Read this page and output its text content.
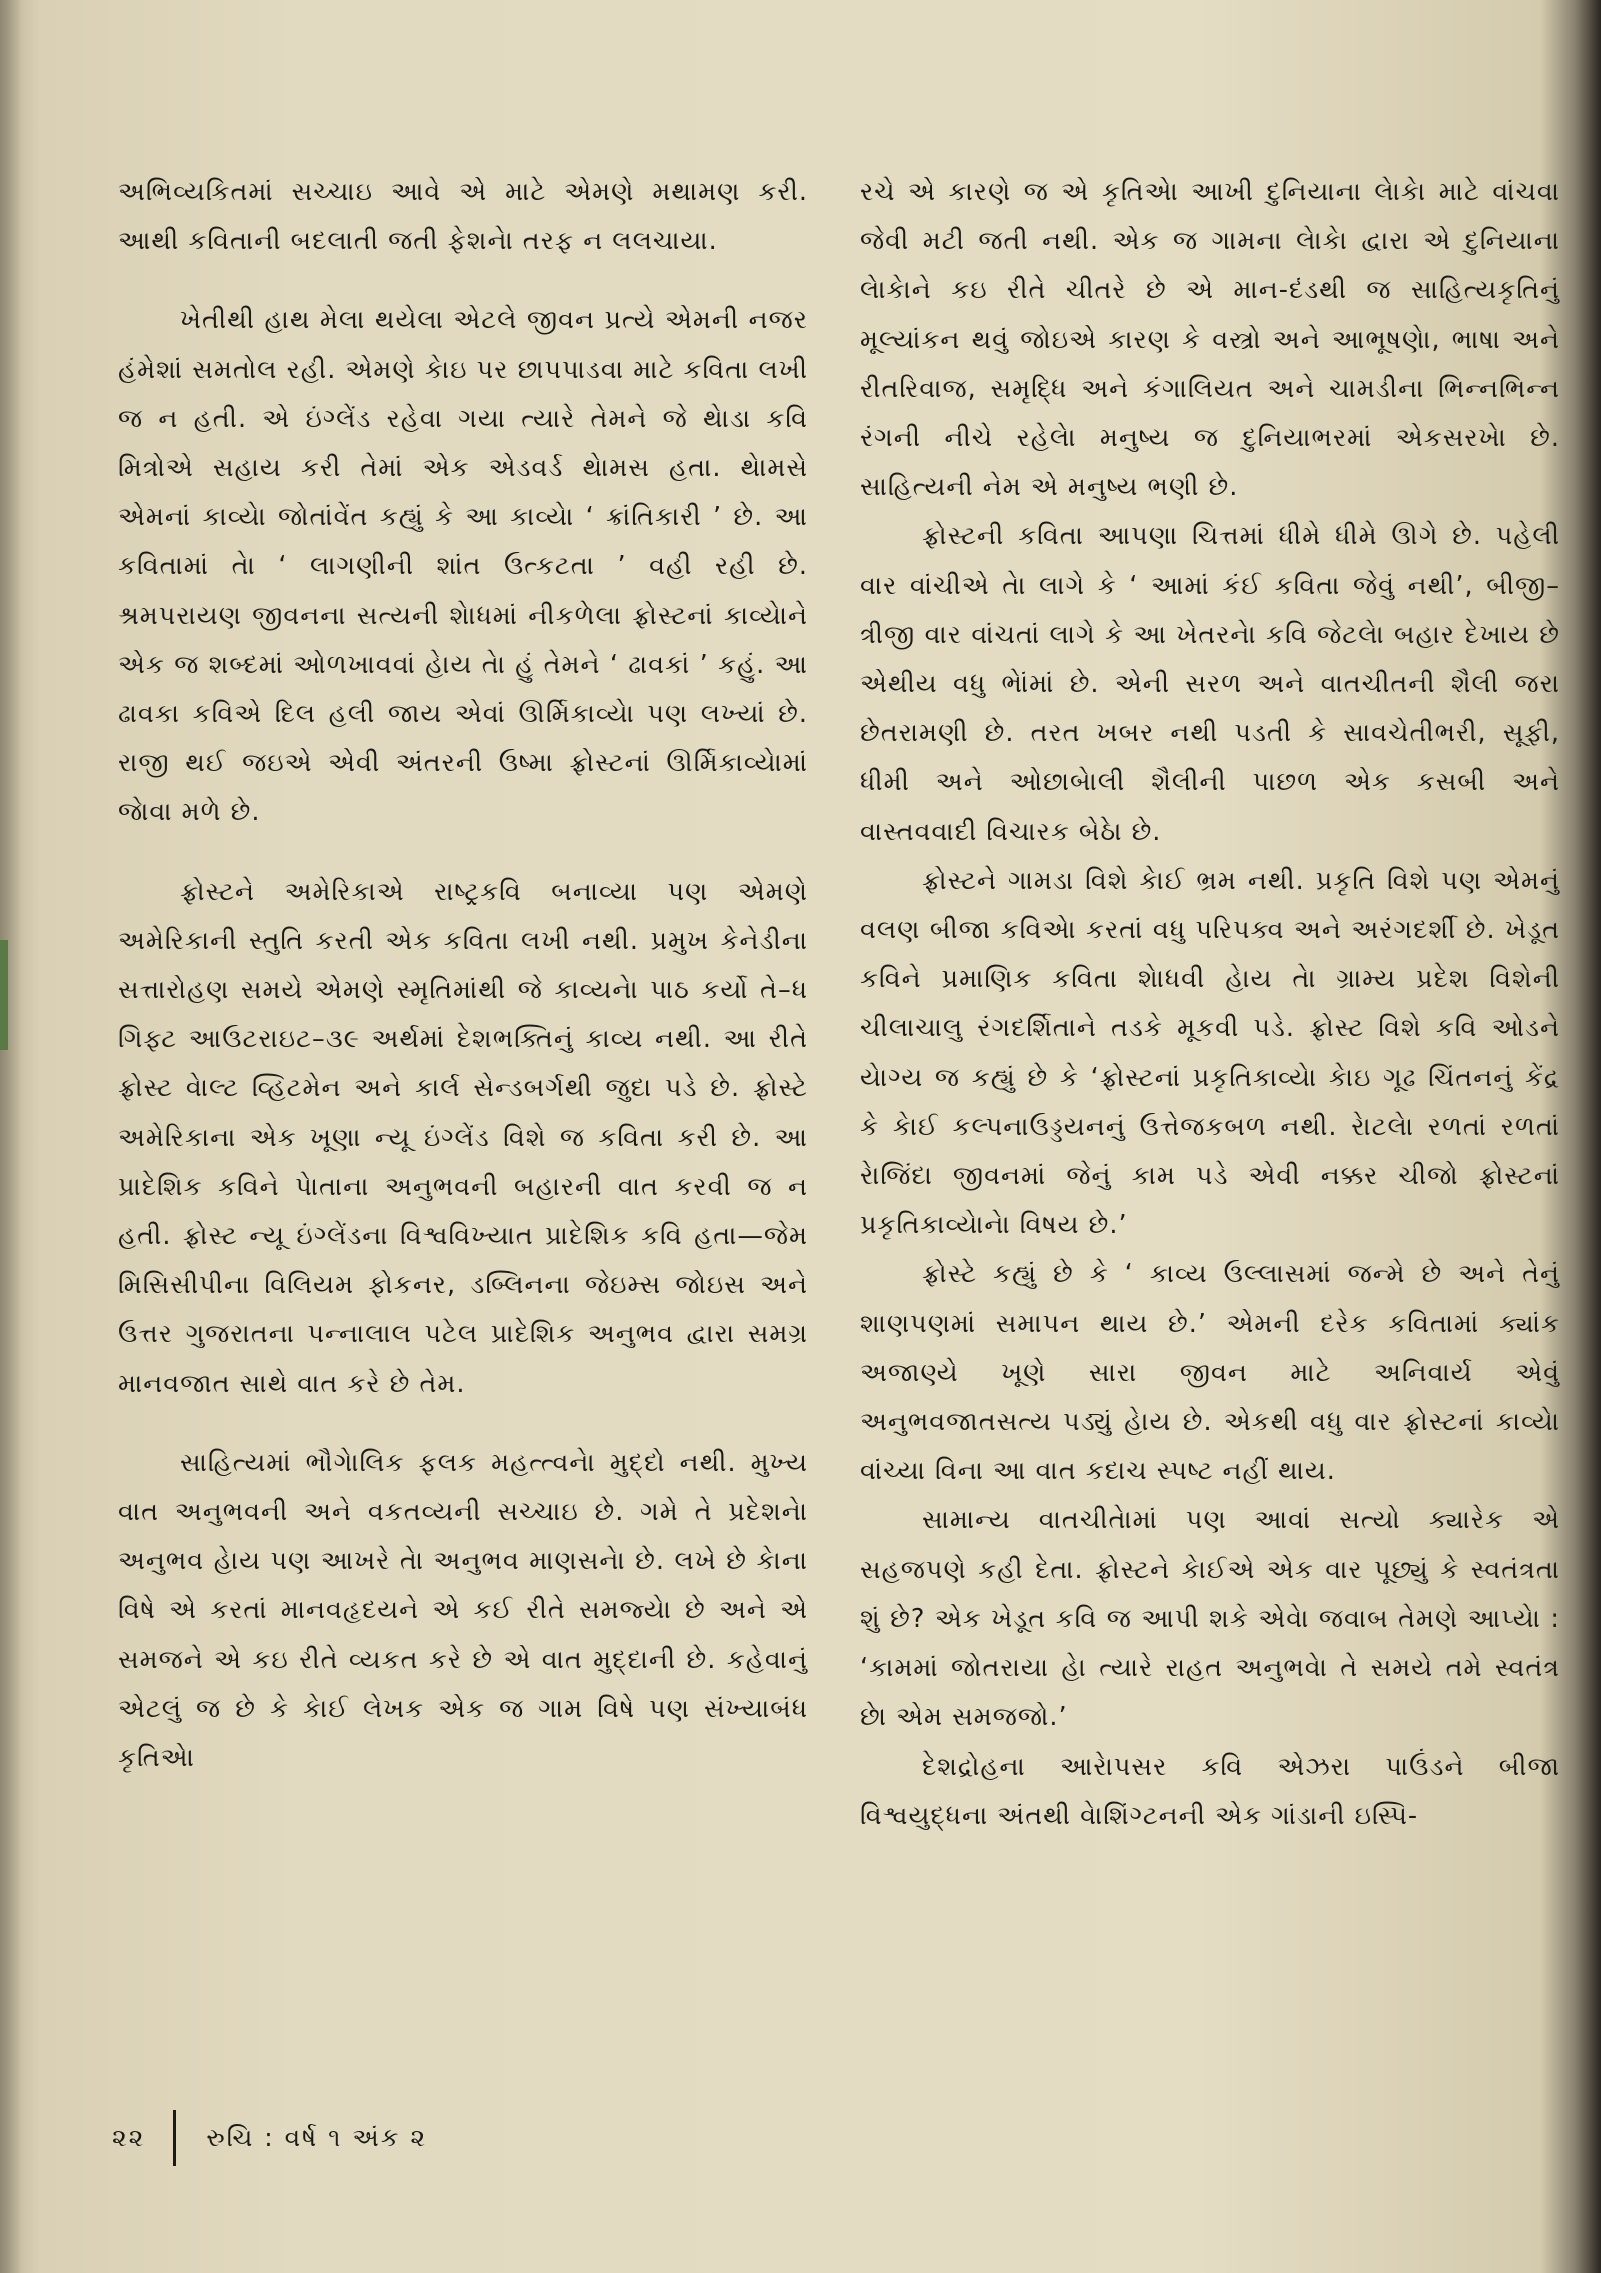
અભિવ્યકિતમાં સચ્ચાઇ આવે એ માટે એમણે મથામણ કરી. આથી કવિતાની બદલાતી જતી ફેશનેા તરફ ન લલચાયા.

ખેતીથી હાથ મેલા થયેલા એટલે જીવન પ્રત્યે એમની નજર હંમેશાં સમતોલ રહી. એમણે કાેઇ પર છાપપાડવા માટે કવિતા લખી જ ન હતી. એ ઇંગ્લેંડ રહેવા ગયા ત્યારે તેમને જે થેાડા કવિ મિત્રોએ સહાય કરી તેમાં એક એડવર્ડ થેામસ હતા. થેામસે એમનાં કાવ્યેા જોતાંવેંત કહ્યું કે આ કાવ્યેા ‘ ક્રાંતિકારી ’ છે. આ કવિતામાં તેા ‘ લાગણીની શાંત ઉત્કટતા ’ વહી રહી છે. શ્રમપરાયણ જીવનના સત્યની શેાધમાં નીકળેલા ફ્રોસ્ટનાં કાવ્યેાને એક જ શબ્દમાં ઓળખાવવાં હેાય તેા હું તેમને ‘ ઢાવકાં ’ કહું. આ ઢાવકા કવિએ દિલ હલી જાય એવાં ઊર્મિકાવ્યેા પણ લખ્યાં છે. રાજી થઈ જઇએ એવી અંતરની ઉષ્મા ફ્રોસ્ટનાં ઊર્મિકાવ્યેામાં જેાવા મળે છે.

ફ્રોસ્ટને અમેરિકાએ રાષ્ટ્રકવિ બનાવ્યા પણ એમણે અમેરિકાની સ્તુતિ કરતી એક કવિતા લખી નથી. પ્રમુખ કેનેડીના સત્તારોહણ સમયે એમણે સ્મૃતિમાંથી જે કાવ્યનેા પાઠ કર્યો તે–ધ ગિફ્ટ આઉટરાઇટ–૩૯ અર્થમાં દેશભક્તિનું કાવ્ય નથી. આ રીતે ફ્રોસ્ટ વેાલ્ટ વ્હિટમેન અને કાર્લ સેન્ડબર્ગથી જુદા પડે છે. ફ્રોસ્ટે અમેરિકાના એક ખૂણા ન્યૂ ઇંગ્લેંડ વિશે જ કવિતા કરી છે. આ પ્રાદેશિક કવિને પેાતાના અનુભવની બહારની વાત કરવી જ ન હતી. ફ્રોસ્ટ ન્યૂ ઇંગ્લેંડના વિશ્વવિખ્યાત પ્રાદેશિક કવિ હતા—જેમ મિસિસીપીના વિલિયમ ફોકનર, ડબ્લિનના જેઇમ્સ જોઇસ અને ઉત્તર ગુજરાતના પન્નાલાલ પટેલ પ્રાદેશિક અનુભવ દ્વારા સમગ્ર માનવજાત સાથે વાત કરે છે તેમ.

સાહિત્યમાં ભૌગેાલિક ફલક મહત્ત્વનેા મુદ્દો નથી. મુખ્ય વાત અનુભવની અને વકતવ્યની સચ્ચાઇ છે. ગમે તે પ્રદેશનેા અનુભવ હેાય પણ આખરે તેા અનુભવ માણસનેા છે. લખે છે કેાના વિષે એ કરતાં માનવહૃદયને એ કઈ રીતે સમજ્યેા છે અને એ સમજને એ કઇ રીતે વ્યકત કરે છે એ વાત મુદ્દાની છે. કહેવાનું એટલું જ છે કે કેાઈ લેખક એક જ ગામ વિષે પણ સંખ્યાબંધ કૃતિએા

રચે એ કારણે જ એ કૃતિએા આખી દુનિયાના લેાકેા માટે વાંચવા જેવી મટી જતી નથી. એક જ ગામના લેાકેા દ્વારા એ દુનિયાના લેાકેાને કઇ રીતે ચીતરે છે એ માન-દંડથી જ સાહિત્યકૃતિનું મૂલ્યાંકન થવું જોઇએ કારણ કે વસ્ત્રો અને આભૂષણેા, ભાષા અને રીતરિવાજ, સમૃદ્ધિ અને કંગાલિયત અને ચામડીના ભિન્નભિન્ન રંગની નીચે રહેલેા મનુષ્ય જ દુનિયાભરમાં એકસરખેા છે. સાહિત્યની નેમ એ મનુષ્ય ભણી છે.

ફ્રોસ્ટની કવિતા આપણા ચિત્તમાં ધીમે ધીમે ઊગે છે. પહેલી વાર વાંચીએ તેા લાગે કે ‘ આમાં કંઈ કવિતા જેવું નથી’, બીજી–ત્રીજી વાર વાંચતાં લાગે કે આ ખેતરનેા કવિ જેટલેા બહાર દેખાય છે એથીય વધુ ભેાંમાં છે. એની સરળ અને વાતચીતની શૈલી જરા છેતરામણી છે. તરત ખબર નથી પડતી કે સાવચેતીભરી, સૂફી, ધીમી અને ઓછાબેાલી શૈલીની પાછળ એક કસબી અને વાસ્તવવાદી વિચારક બેઠેા છે.

ફ્રોસ્ટને ગામડા વિશે કેાઈ ભ્રમ નથી. પ્રકૃતિ વિશે પણ એમનું વલણ બીજા કવિએા કરતાં વધુ પરિપક્વ અને અરંગદર્શી છે. ખેડૂત કવિને પ્રમાણિક કવિતા શેાધવી હેાય તેા ગ્રામ્ય પ્રદેશ વિશેની ચીલાચાલુ રંગદર્શિતાને તડકે મૂકવી પડે. ફ્રોસ્ટ વિશે કવિ ઓડને યેાગ્ય જ કહ્યું છે કે ‘ફ્રોસ્ટનાં પ્રકૃતિકાવ્યેા કેાઇ ગૂઢ ચિંતનનું કેંદ્ર કે કેાઈ કલ્પનાઉડ્ડયનનું ઉત્તેજકબળ નથી. રેાટલેા રળતાં રળતાં રેાજિંદા જીવનમાં જેનું કામ પડે એવી નક્કર ચીજો ફ્રોસ્ટનાં પ્રકૃતિકાવ્યેાનેા વિષય છે.’

ફ્રોસ્ટે કહ્યું છે કે ‘ કાવ્ય ઉલ્લાસમાં જન્મે છે અને તેનું શાણપણમાં સમાપન થાય છે.’ એમની દરેક કવિતામાં ક્યાંક અજાણ્યે ખૂણે સારા જીવન માટે અનિવાર્ય એવું અનુભવજાતસત્ય પડ્યું હેાય છે. એકથી વધુ વાર ફ્રોસ્ટનાં કાવ્યેા વાંચ્યા વિના આ વાત કદાચ સ્પષ્ટ નહીં થાય.

સામાન્ય વાતચીતેામાં પણ આવાં સત્યો ક્યારેક એ સહજપણે કહી દેતા. ફ્રોસ્ટને કેાઈએ એક વાર પૂછ્યું કે સ્વતંત્રતા શું છે? એક ખેડૂત કવિ જ આપી શકે એવેા જવાબ તેમણે આપ્યેા : ‘કામમાં જોતરાયા હેા ત્યારે રાહત અનુભવેા તે સમયે તમે સ્વતંત્ર છેા એમ સમજજો.’

દેશદ્રોહના આરેાપસર કવિ એઝરા પાઉંડને બીજા વિશ્વયુદ્ધના અંતથી વેાશિંગ્ટનની એક ગાંડાની ઇસ્પિ-

૨૨ રુચિ : વર્ષ ૧ અંક ૨
